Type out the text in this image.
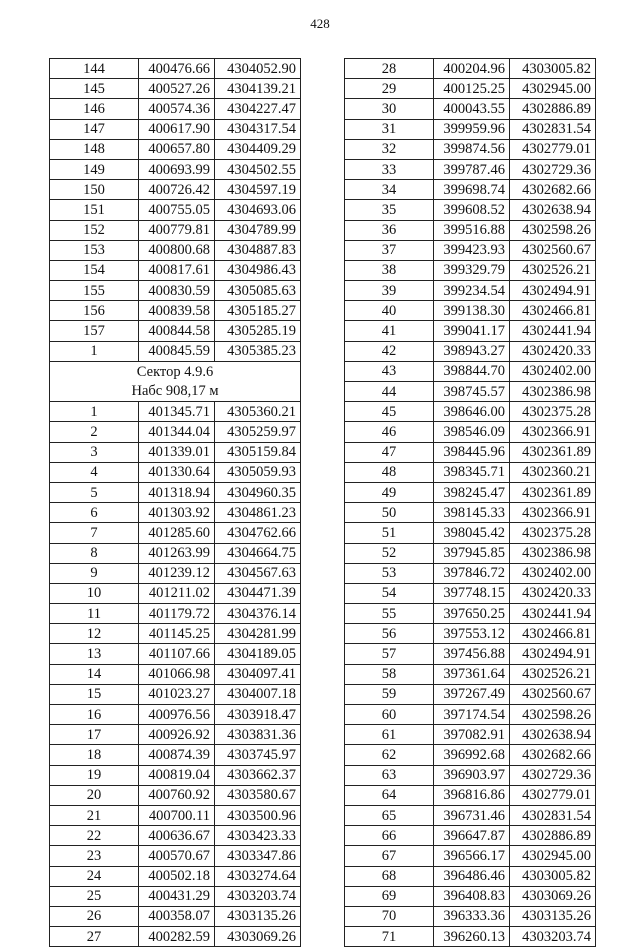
428
144	400476.66	4304052.90
145	400527.26	4304139.21
146	400574.36	4304227.47
147	400617.90	4304317.54
148	400657.80	4304409.29
149	400693.99	4304502.55
150	400726.42	4304597.19
151	400755.05	4304693.06
152	400779.81	4304789.99
153	400800.68	4304887.83
154	400817.61	4304986.43
155	400830.59	4305085.63
156	400839.58	4305185.27
157	400844.58	4305285.19
1	400845.59	4305385.23

Сектор 4.9.6
Набс 908,17 м		

1	401345.71	4305360.21
2	401344.04	4305259.97
3	401339.01	4305159.84
4	401330.64	4305059.93
5	401318.94	4304960.35
6	401303.92	4304861.23
7	401285.60	4304762.66
8	401263.99	4304664.75
9	401239.12	4304567.63
10	401211.02	4304471.39
11	401179.72	4304376.14
12	401145.25	4304281.99
13	401107.66	4304189.05
14	401066.98	4304097.41
15	401023.27	4304007.18
16	400976.56	4303918.47
17	400926.92	4303831.36
18	400874.39	4303745.97
19	400819.04	4303662.37
20	400760.92	4303580.67
21	400700.11	4303500.96
22	400636.67	4303423.33
23	400570.67	4303347.86
24	400502.18	4303274.64
25	400431.29	4303203.74
26	400358.07	4303135.26
27	400282.59	4303069.26
28	400204.96	4303005.82
29	400125.25	4302945.00
30	400043.55	4302886.89
31	399959.96	4302831.54
32	399874.56	4302779.01
33	399787.46	4302729.36
34	399698.74	4302682.66
35	399608.52	4302638.94
36	399516.88	4302598.26
37	399423.93	4302560.67
38	399329.79	4302526.21
39	399234.54	4302494.91
40	399138.30	4302466.81
41	399041.17	4302441.94
42	398943.27	4302420.33
43	398844.70	4302402.00
44	398745.57	4302386.98
45	398646.00	4302375.28
46	398546.09	4302366.91
47	398445.96	4302361.89
48	398345.71	4302360.21
49	398245.47	4302361.89
50	398145.33	4302366.91
51	398045.42	4302375.28
52	397945.85	4302386.98
53	397846.72	4302402.00
54	397748.15	4302420.33
55	397650.25	4302441.94
56	397553.12	4302466.81
57	397456.88	4302494.91
58	397361.64	4302526.21
59	397267.49	4302560.67
60	397174.54	4302598.26
61	397082.91	4302638.94
62	396992.68	4302682.66
63	396903.97	4302729.36
64	396816.86	4302779.01
65	396731.46	4302831.54
66	396647.87	4302886.89
67	396566.17	4302945.00
68	396486.46	4303005.82
69	396408.83	4303069.26
70	396333.36	4303135.26
71	396260.13	4303203.74
